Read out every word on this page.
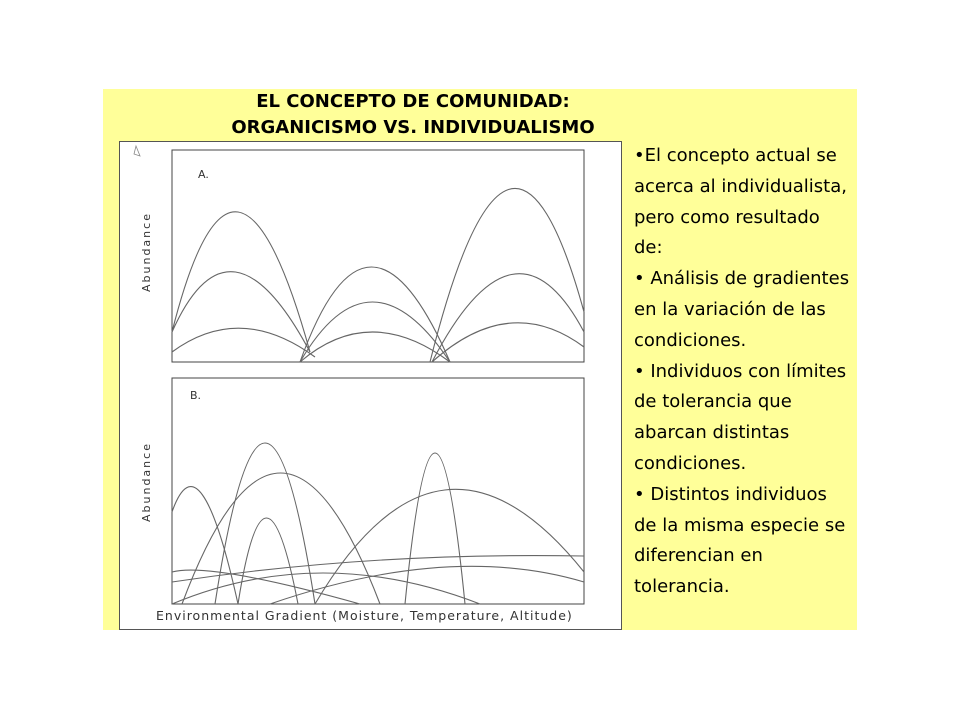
EL CONCEPTO DE COMUNIDAD:
ORGANICISMO VS. INDIVIDUALISMO
A.
Abundance
B.
Abundance
Environmental Gradient (Moisture, Temperature, Altitude)

•El concepto actual se acerca al individualista, pero como resultado de:

• Análisis de gradientes en la variación de las condiciones.

• Individuos con límites de tolerancia que abarcan distintas condiciones.

• Distintos individuos de la misma especie se diferencian en tolerancia.
